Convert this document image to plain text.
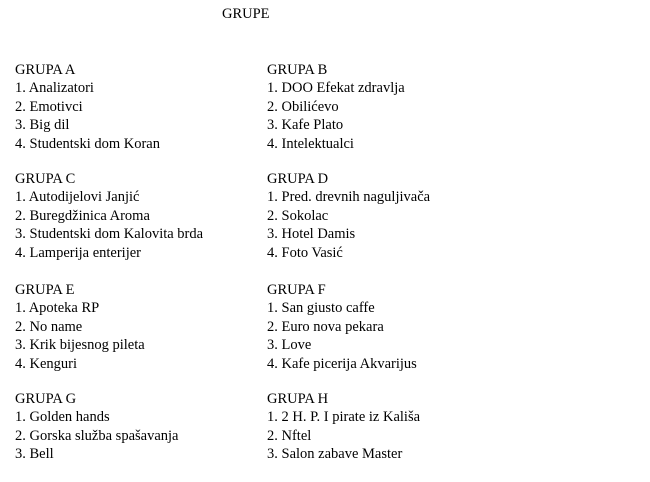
GRUPE
GRUPA A
1. Analizatori
2. Emotivci
3. Big dil
4. Studentski dom Koran
GRUPA B
1. DOO Efekat zdravlja
2. Obilićevo
3. Kafe Plato
4. Intelektualci
GRUPA C
1. Autodijelovi Janjić
2. Buregdžinica Aroma
3. Studentski dom Kalovita brda
4. Lamperija enterijer
GRUPA D
1. Pred. drevnih naguljivača
2. Sokolac
3. Hotel Damis
4. Foto Vasić
GRUPA E
1. Apoteka RP
2. No name
3. Krik bijesnog pileta
4. Kenguri
GRUPA F
1. San giusto caffe
2. Euro nova pekara
3. Love
4. Kafe picerija Akvarijus
GRUPA G
1. Golden hands
2. Gorska služba spašavanja
3. Bell
GRUPA H
1. 2 H. P. I pirate iz Kališa
2. Nftel
3. Salon zabave Master
